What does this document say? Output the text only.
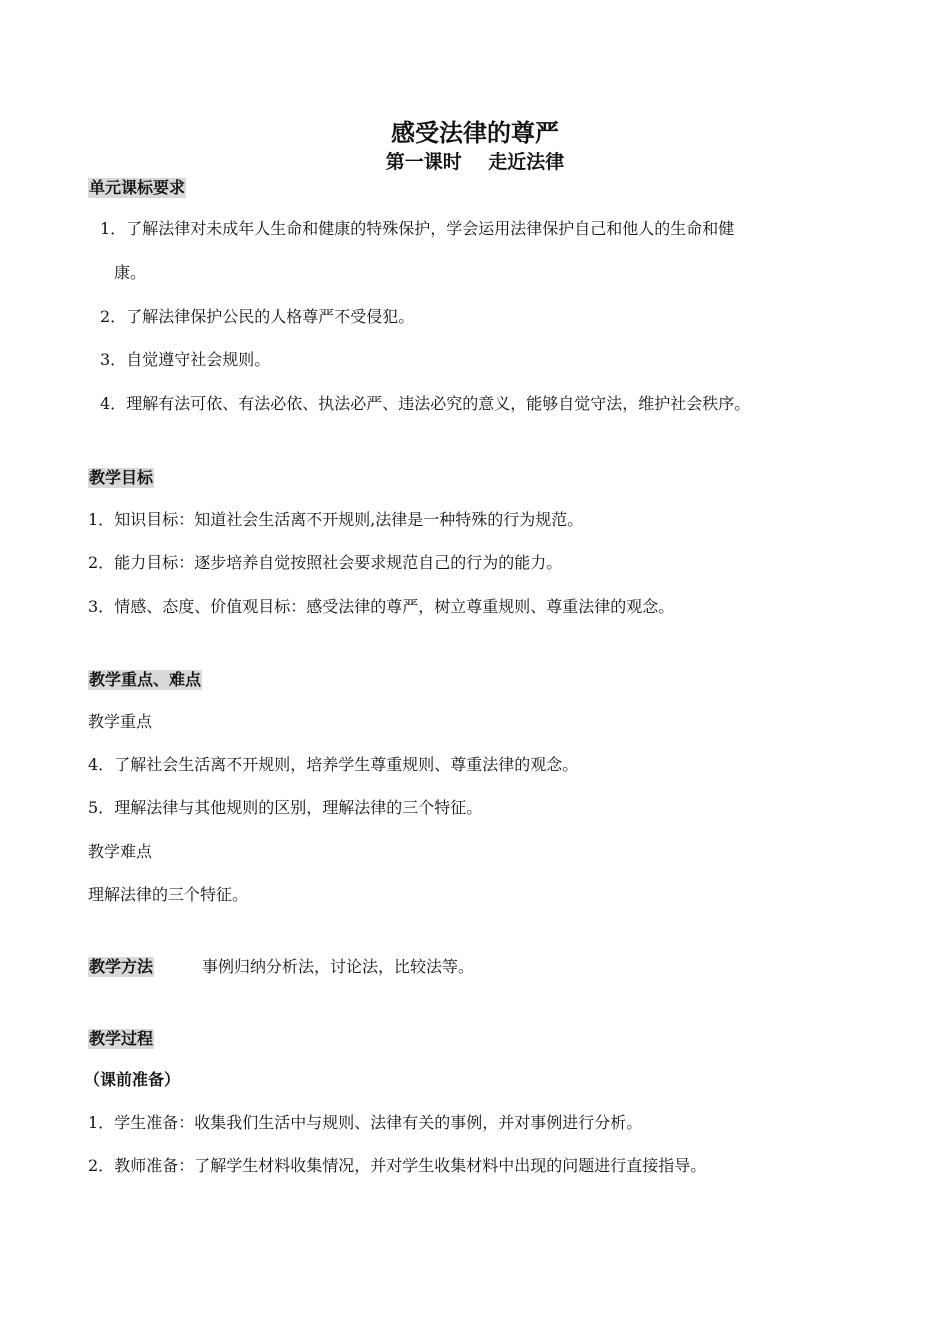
感受法律的尊严
第一课时    走近法律
单元课标要求
1．了解法律对未成年人生命和健康的特殊保护，学会运用法律保护自己和他人的生命和健
康。
2．了解法律保护公民的人格尊严不受侵犯。
3．自觉遵守社会规则。
4．理解有法可依、有法必依、执法必严、违法必究的意义，能够自觉守法，维护社会秩序。
教学目标
1．知识目标：知道社会生活离不开规则,法律是一种特殊的行为规范。
2．能力目标：逐步培养自觉按照社会要求规范自己的行为的能力。
3．情感、态度、价值观目标：感受法律的尊严，树立尊重规则、尊重法律的观念。
教学重点、难点
教学重点
4．了解社会生活离不开规则，培养学生尊重规则、尊重法律的观念。
5．理解法律与其他规则的区别，理解法律的三个特征。
教学难点
理解法律的三个特征。
教学方法	事例归纳分析法，讨论法，比较法等。
教学过程
（课前准备）
1．学生准备：收集我们生活中与规则、法律有关的事例，并对事例进行分析。
2．教师准备：了解学生材料收集情况，并对学生收集材料中出现的问题进行直接指导。
